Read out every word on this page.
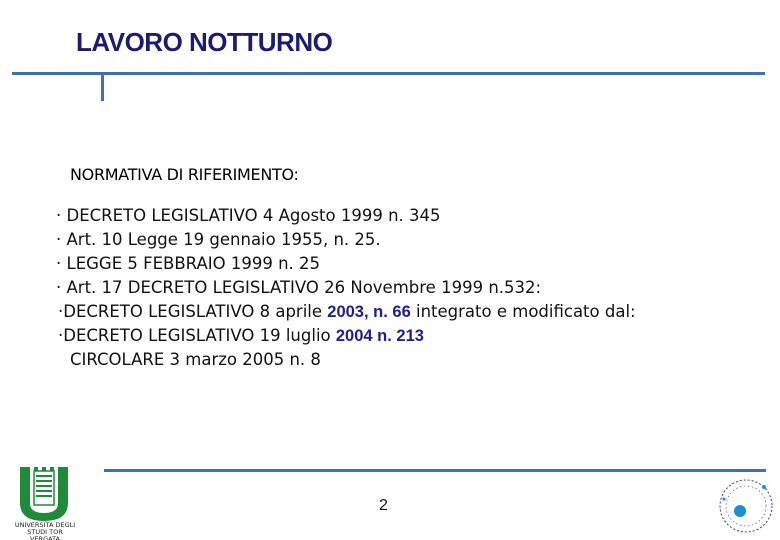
LAVORO NOTTURNO
NORMATIVA DI RIFERIMENTO:
· DECRETO LEGISLATIVO 4 Agosto 1999 n. 345
· Art. 10 Legge 19 gennaio 1955, n. 25.
· LEGGE 5 FEBBRAIO 1999 n. 25
· Art. 17 DECRETO LEGISLATIVO 26 Novembre 1999 n.532:
·DECRETO LEGISLATIVO 8 aprile 2003, n. 66 integrato e modificato dal:
·DECRETO LEGISLATIVO 19 luglio 2004 n. 213
CIRCOLARE 3 marzo 2005 n. 8
2
UNIVERSITÀ DEGLI STUDI TOR VERGATA
